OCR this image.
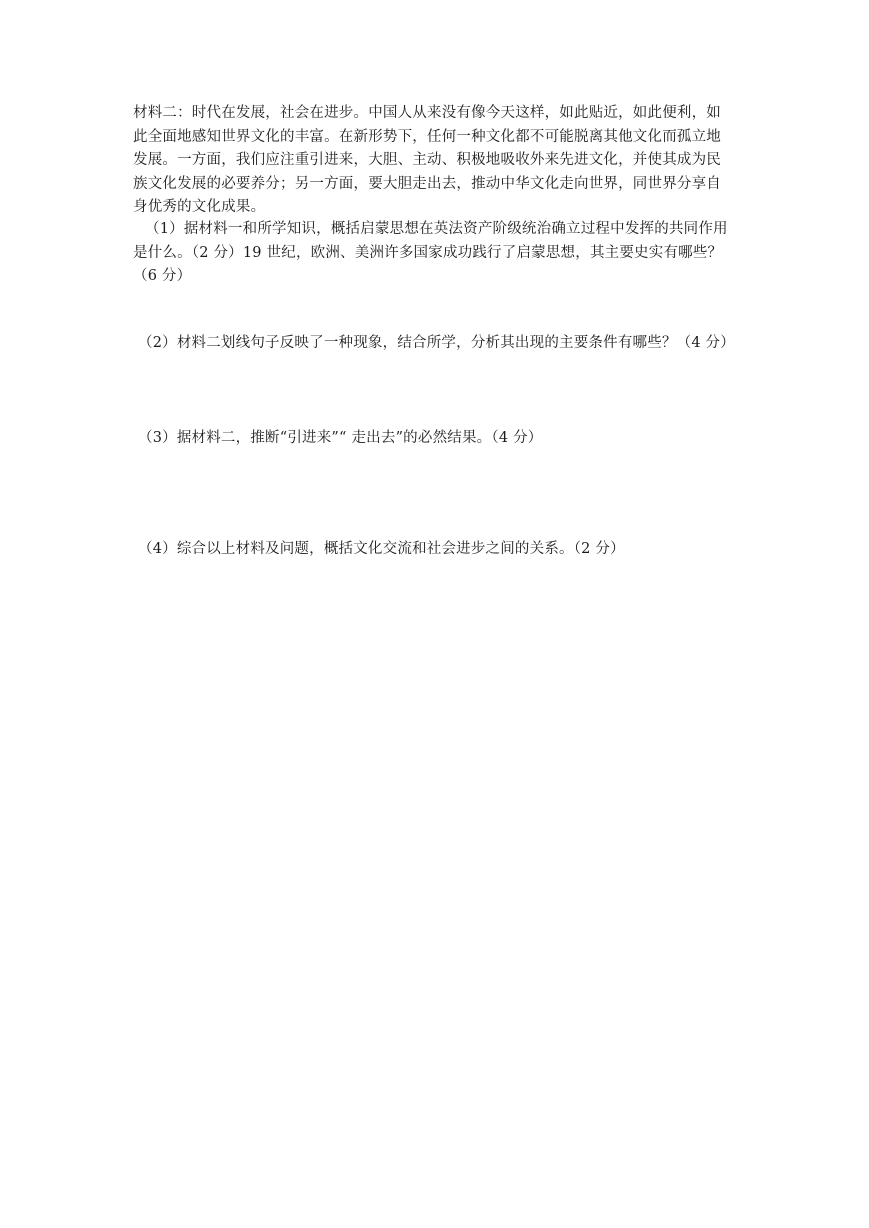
材料二：时代在发展，社会在进步。中国人从来没有像今天这样，如此贴近，如此便利，如
此全面地感知世界文化的丰富。在新形势下，任何一种文化都不可能脱离其他文化而孤立地
发展。一方面，我们应注重引进来，大胆、主动、积极地吸收外来先进文化，并使其成为民
族文化发展的必要养分；另一方面，要大胆走出去，推动中华文化走向世界，同世界分享自
身优秀的文化成果。
（1）据材料一和所学知识，概括启蒙思想在英法资产阶级统治确立过程中发挥的共同作用
是什么。（2 分）19 世纪，欧洲、美洲许多国家成功践行了启蒙思想，其主要史实有哪些？
（6 分）
（2）材料二划线句子反映了一种现象，结合所学，分析其出现的主要条件有哪些？（4 分）
（3）据材料二，推断“引进来”“ 走出去”的必然结果。（4 分）
（4）综合以上材料及问题，概括文化交流和社会进步之间的关系。（2 分）
